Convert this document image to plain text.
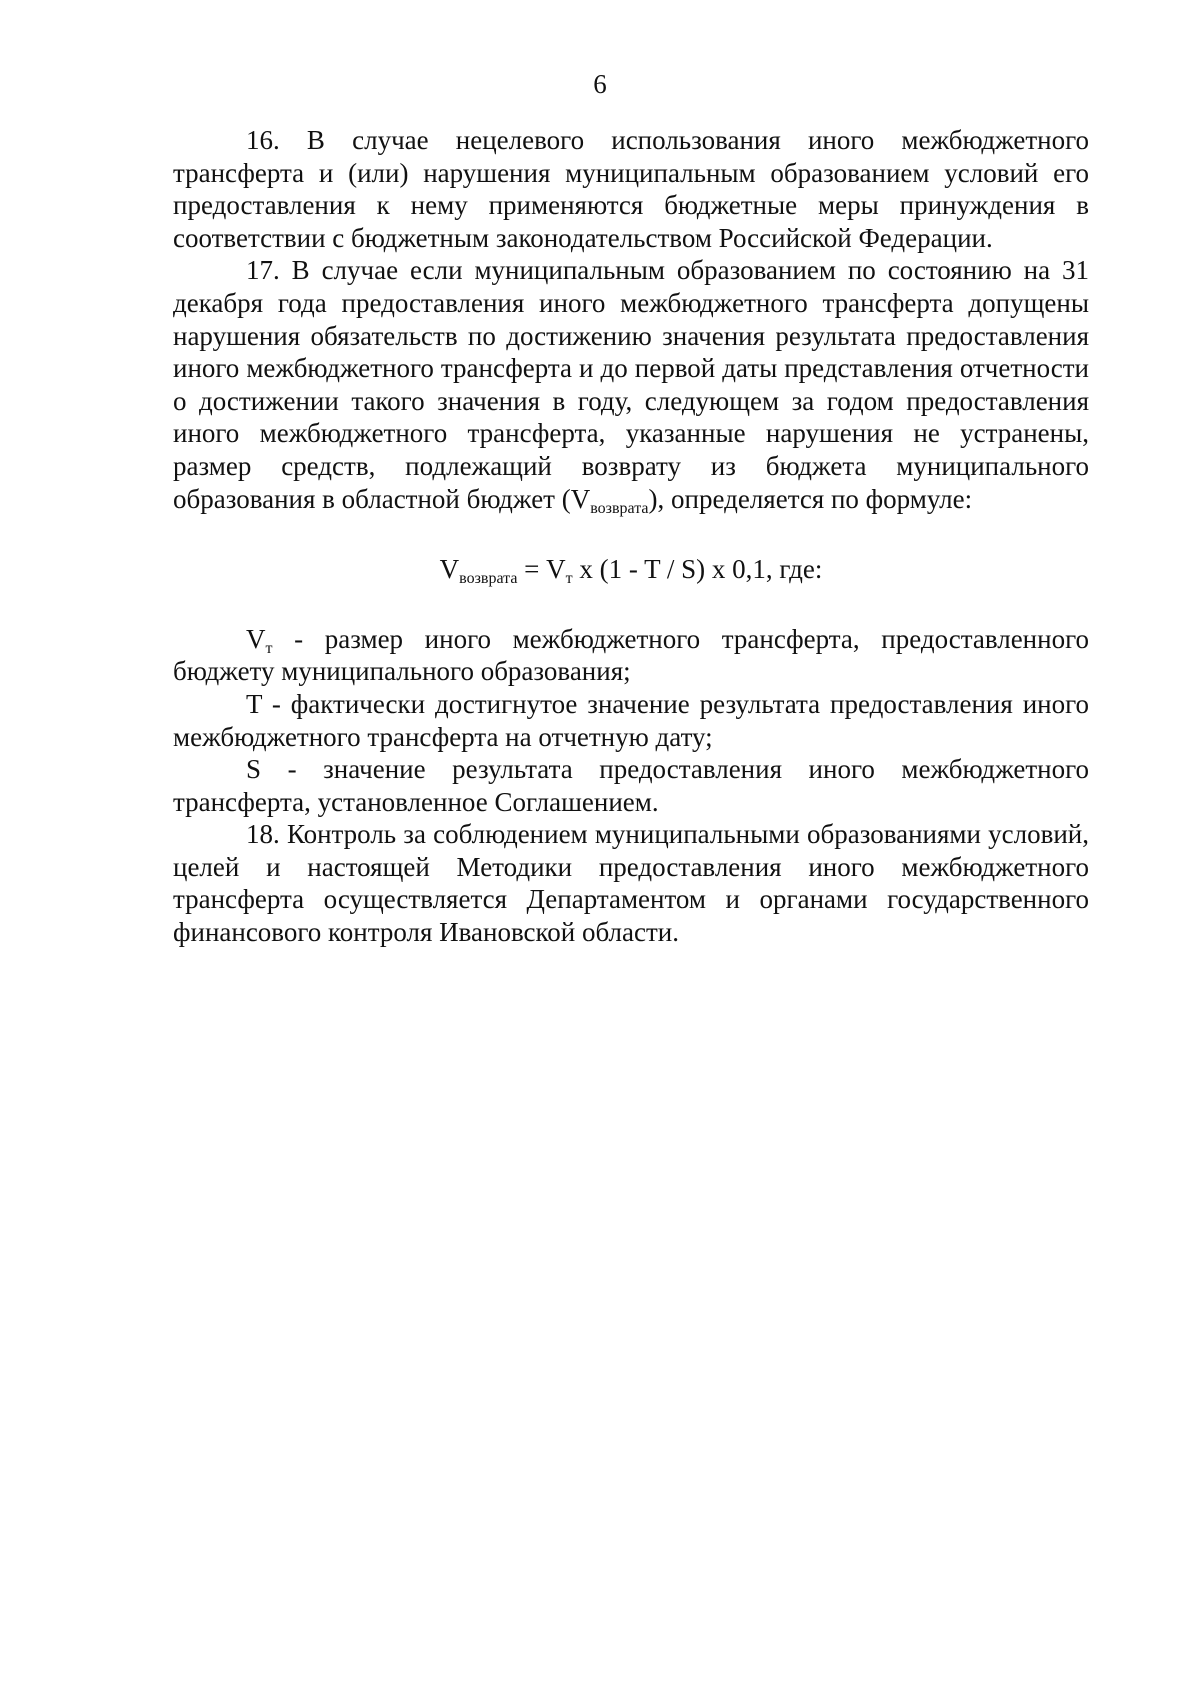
6

16. В случае нецелевого использования иного межбюджетного трансферта и (или) нарушения муниципальным образованием условий его предоставления к нему применяются бюджетные меры принуждения в соответствии с бюджетным законодательством Российской Федерации.

17. В случае если муниципальным образованием по состоянию на 31 декабря года предоставления иного межбюджетного трансферта допущены нарушения обязательств по достижению значения результата предоставления иного межбюджетного трансферта и до первой даты представления отчетности о достижении такого значения в году, следующем за годом предоставления иного межбюджетного трансферта, указанные нарушения не устранены, размер средств, подлежащий возврату из бюджета муниципального образования в областной бюджет $(V_{возврата})$, определяется по формуле:

$V_{возврата} = V_т$ x (1 - T / S) x 0,1, где:

$V_т$ - размер иного межбюджетного трансферта, предоставленного бюджету муниципального образования;

T - фактически достигнутое значение результата предоставления иного межбюджетного трансферта на отчетную дату;

S - значение результата предоставления иного межбюджетного трансферта, установленное Соглашением.

18. Контроль за соблюдением муниципальными образованиями условий, целей и настоящей Методики предоставления иного межбюджетного трансферта осуществляется Департаментом и органами государственного финансового контроля Ивановской области.
